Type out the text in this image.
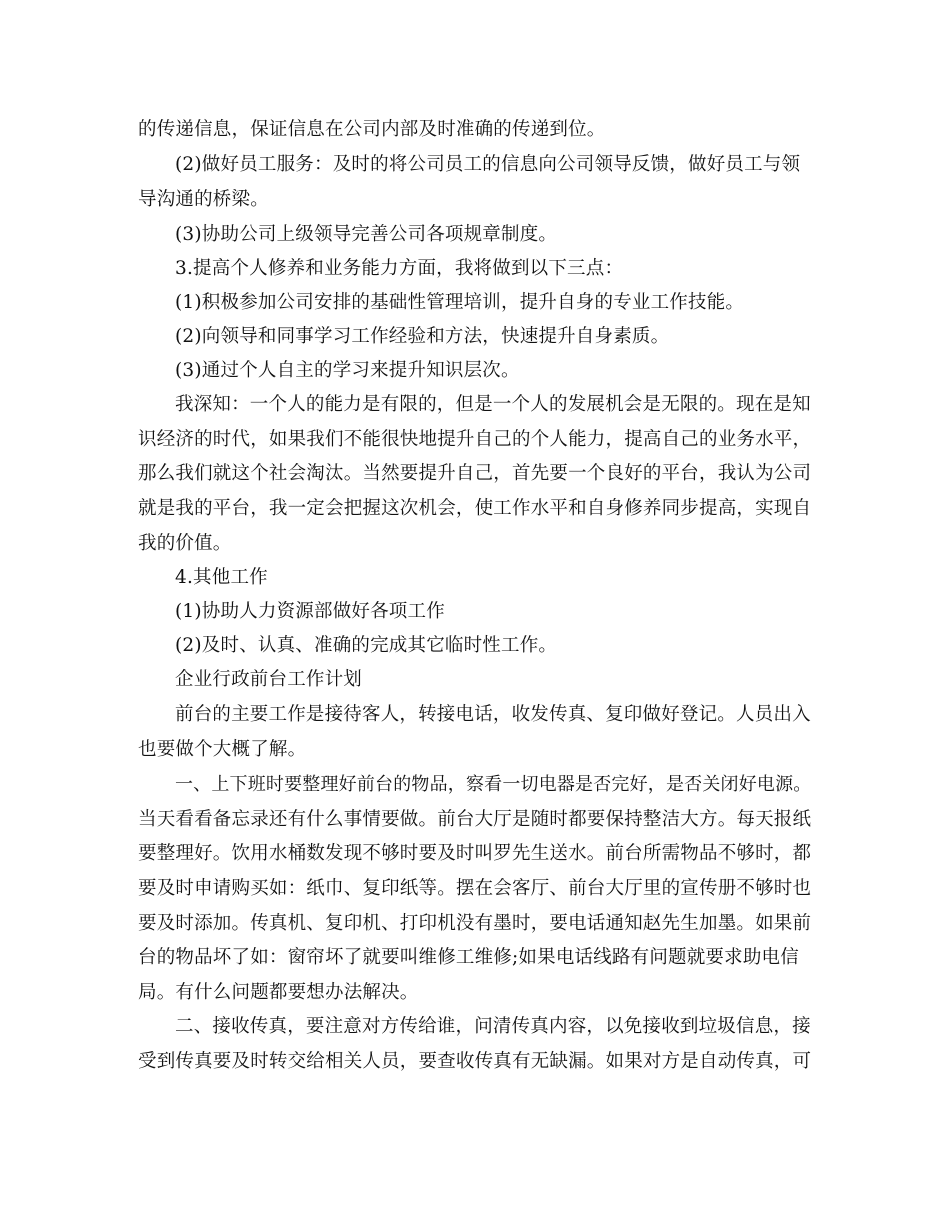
的传递信息，保证信息在公司内部及时准确的传递到位。
(2)做好员工服务：及时的将公司员工的信息向公司领导反馈，做好员工与领
导沟通的桥梁。
(3)协助公司上级领导完善公司各项规章制度。
3.提高个人修养和业务能力方面，我将做到以下三点：
(1)积极参加公司安排的基础性管理培训，提升自身的专业工作技能。
(2)向领导和同事学习工作经验和方法，快速提升自身素质。
(3)通过个人自主的学习来提升知识层次。
我深知：一个人的能力是有限的，但是一个人的发展机会是无限的。现在是知
识经济的时代，如果我们不能很快地提升自己的个人能力，提高自己的业务水平，
那么我们就这个社会淘汰。当然要提升自己，首先要一个良好的平台，我认为公司
就是我的平台，我一定会把握这次机会，使工作水平和自身修养同步提高，实现自
我的价值。
4.其他工作
(1)协助人力资源部做好各项工作
(2)及时、认真、准确的完成其它临时性工作。
企业行政前台工作计划
前台的主要工作是接待客人，转接电话，收发传真、复印做好登记。人员出入
也要做个大概了解。
一、上下班时要整理好前台的物品，察看一切电器是否完好，是否关闭好电源。
当天看看备忘录还有什么事情要做。前台大厅是随时都要保持整洁大方。每天报纸
要整理好。饮用水桶数发现不够时要及时叫罗先生送水。前台所需物品不够时，都
要及时申请购买如：纸巾、复印纸等。摆在会客厅、前台大厅里的宣传册不够时也
要及时添加。传真机、复印机、打印机没有墨时，要电话通知赵先生加墨。如果前
台的物品坏了如：窗帘坏了就要叫维修工维修;如果电话线路有问题就要求助电信
局。有什么问题都要想办法解决。
二、接收传真，要注意对方传给谁，问清传真内容，以免接收到垃圾信息，接
受到传真要及时转交给相关人员，要查收传真有无缺漏。如果对方是自动传真，可
